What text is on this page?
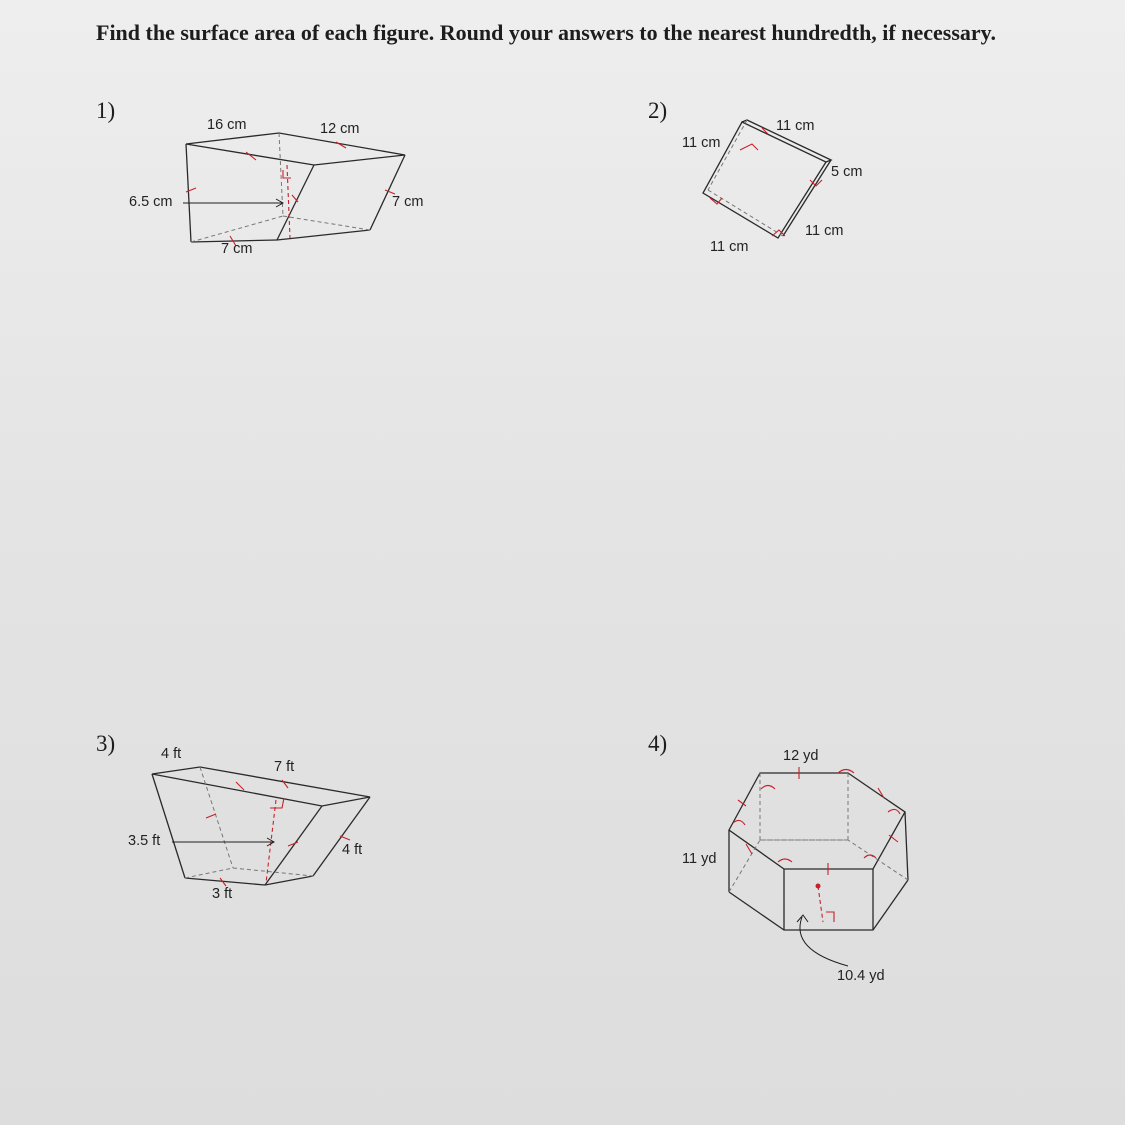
Find the surface area of each figure. Round your answers to the nearest hundredth, if necessary.

1)
16 cm	12 cm
6.5 cm	7 cm
7 cm
2)
11 cm
11 cm
5 cm
11 cm
11 cm
3)	4 ft
7 ft
3.5 ft
4 ft
3 ft
4)	12 yd
11 yd
10.4 yd
